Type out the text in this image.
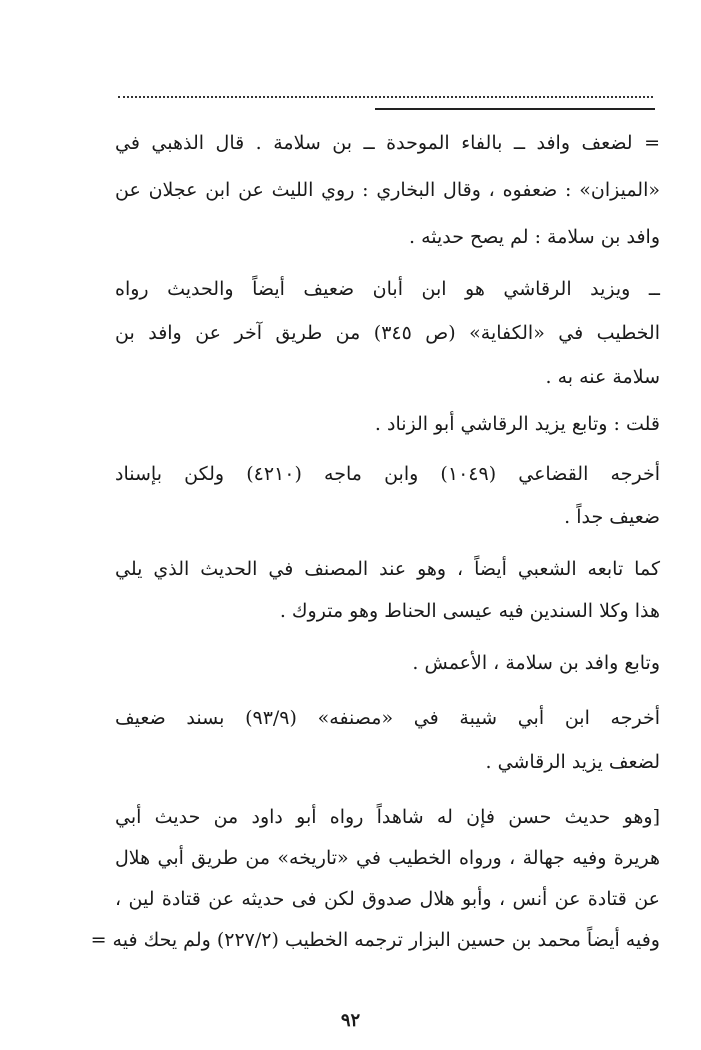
= لضعف وافد ــ بالفاء الموحدة ــ بن سلامة . قال الذهبي في
«الميزان» : ضعفوه ، وقال البخاري : روي الليث عن ابن عجلان عن
وافد بن سلامة : لم يصح حديثه .
ــ ويزيد الرقاشي هو ابن أبان ضعيف أيضاً والحديث رواه
الخطيب في «الكفاية» (ص ٣٤٥) من طريق آخر عن وافد بن
سلامة عنه به .
قلت : وتابع يزيد الرقاشي أبو الزناد .
أخرجه القضاعي (١٠٤٩) وابن ماجه (٤٢١٠) ولكن بإسناد
ضعيف جداً .
كما تابعه الشعبي أيضاً ، وهو عند المصنف في الحديث الذي يلي
هذا وكلا السندين فيه عيسى الحناط وهو متروك .
وتابع وافد بن سلامة ، الأعمش .
أخرجه ابن أبي شيبة في «مصنفه» (٩٣/٩) بسند ضعيف
لضعف يزيد الرقاشي .
[وهو حديث حسن فإن له شاهداً رواه أبو داود من حديث أبي
هريرة وفيه جهالة ، ورواه الخطيب في «تاريخه» من طريق أبي هلال
عن قتادة عن أنس ، وأبو هلال صدوق لكن فى حديثه عن قتادة لين ،
وفيه أيضاً محمد بن حسين البزار ترجمه الخطيب (٢٢٧/٢) ولم يحك فيه =
٩٢
